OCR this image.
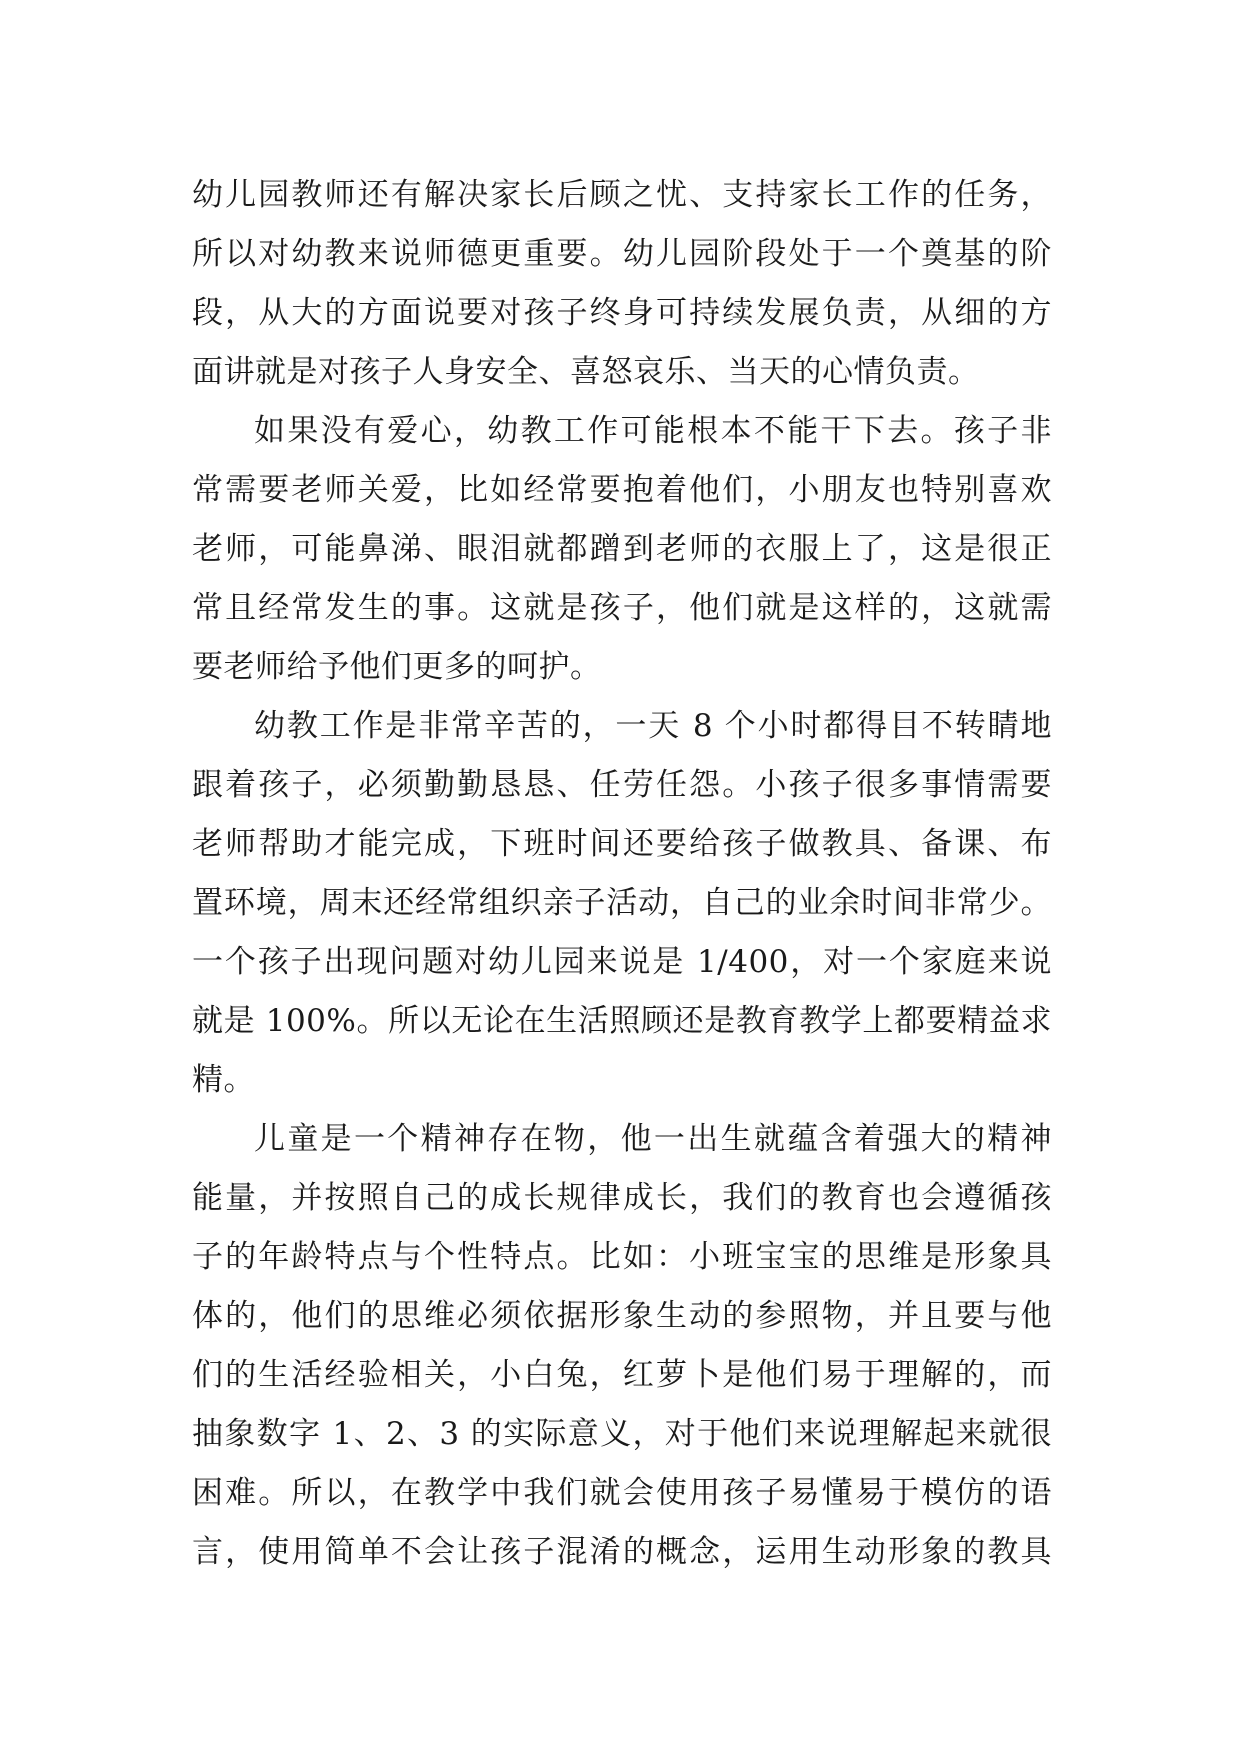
幼儿园教师还有解决家长后顾之忧、支持家长工作的任务，
所以对幼教来说师德更重要。幼儿园阶段处于一个奠基的阶
段，从大的方面说要对孩子终身可持续发展负责，从细的方
面讲就是对孩子人身安全、喜怒哀乐、当天的心情负责。
如果没有爱心，幼教工作可能根本不能干下去。孩子非
常需要老师关爱，比如经常要抱着他们，小朋友也特别喜欢
老师，可能鼻涕、眼泪就都蹭到老师的衣服上了，这是很正
常且经常发生的事。这就是孩子，他们就是这样的，这就需
要老师给予他们更多的呵护。
幼教工作是非常辛苦的，一天 8 个小时都得目不转睛地
跟着孩子，必须勤勤恳恳、任劳任怨。小孩子很多事情需要
老师帮助才能完成，下班时间还要给孩子做教具、备课、布
置环境，周末还经常组织亲子活动，自己的业余时间非常少。
一个孩子出现问题对幼儿园来说是 1/400，对一个家庭来说
就是 100%。所以无论在生活照顾还是教育教学上都要精益求
精。
儿童是一个精神存在物，他一出生就蕴含着强大的精神
能量，并按照自己的成长规律成长，我们的教育也会遵循孩
子的年龄特点与个性特点。比如：小班宝宝的思维是形象具
体的，他们的思维必须依据形象生动的参照物，并且要与他
们的生活经验相关，小白兔，红萝卜是他们易于理解的，而
抽象数字 1、2、3 的实际意义，对于他们来说理解起来就很
困难。所以，在教学中我们就会使用孩子易懂易于模仿的语
言，使用简单不会让孩子混淆的概念，运用生动形象的教具
